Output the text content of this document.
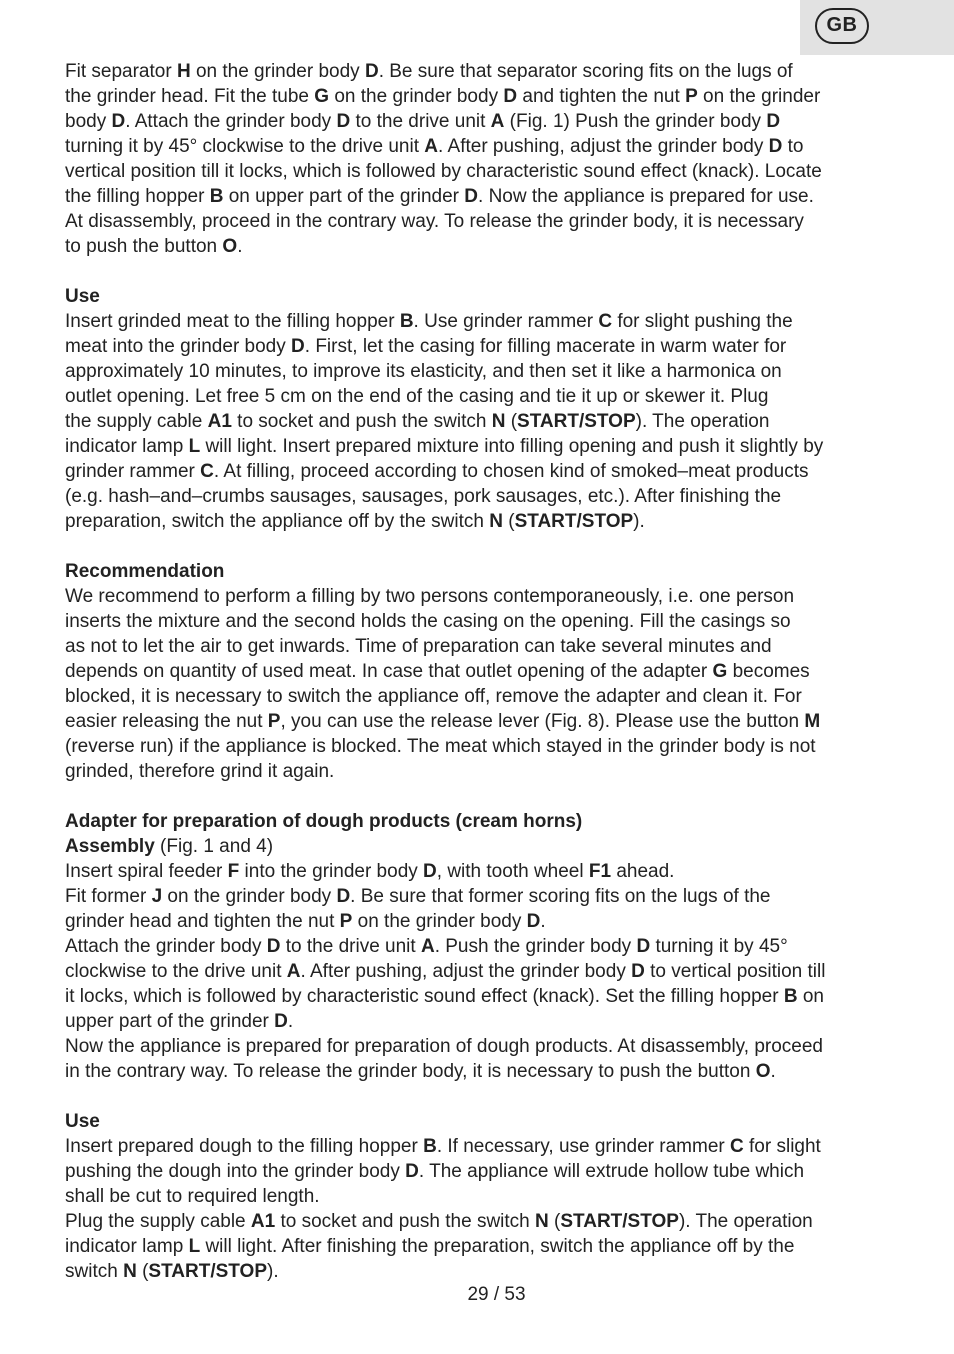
GB

Fit separator H on the grinder body D. Be sure that separator scoring fits on the lugs of

the grinder head. Fit the tube G on the grinder body D and tighten the nut P on the grinder

body D. Attach the grinder body D to the drive unit A (Fig. 1) Push the grinder body D

turning it by 45° clockwise to the drive unit A. After pushing, adjust the grinder body D to

vertical position till it locks, which is followed by characteristic sound effect (knack). Locate

the filling hopper B on upper part of the grinder D. Now the appliance is prepared for use.

At disassembly, proceed in the contrary way. To release the grinder body, it is necessary

to push the button O.

Use

Insert grinded meat to the filling hopper B. Use grinder rammer C for slight pushing the

meat into the grinder body D. First, let the casing for filling macerate in warm water for

approximately 10 minutes, to improve its elasticity, and then set it like a harmonica on

outlet opening. Let free 5 cm on the end of the casing and tie it up or skewer it. Plug

the supply cable A1 to socket and push the switch N (START/STOP). The operation

indicator lamp L will light. Insert prepared mixture into filling opening and push it slightly by

grinder rammer C. At filling, proceed according to chosen kind of smoked–meat products

(e.g. hash–and–crumbs sausages, sausages, pork sausages, etc.). After finishing the

preparation, switch the appliance off by the switch N (START/STOP).

Recommendation

We recommend to perform a filling by two persons contemporaneously, i.e. one person

inserts the mixture and the second holds the casing on the opening. Fill the casings so

as not to let the air to get inwards. Time of preparation can take several minutes and

depends on quantity of used meat. In case that outlet opening of the adapter G becomes

blocked, it is necessary to switch the appliance off, remove the adapter and clean it. For

easier releasing the nut P, you can use the release lever (Fig. 8). Please use the button M

(reverse run) if the appliance is blocked. The meat which stayed in the grinder body is not

grinded, therefore grind it again.

Adapter for preparation of dough products (cream horns)

Assembly (Fig. 1 and 4)

Insert spiral feeder F into the grinder body D, with tooth wheel F1 ahead.

Fit former J on the grinder body D. Be sure that former scoring fits on the lugs of the

grinder head and tighten the nut P on the grinder body D.

Attach the grinder body D to the drive unit A. Push the grinder body D turning it by 45°

clockwise to the drive unit A. After pushing, adjust the grinder body D to vertical position till

it locks, which is followed by characteristic sound effect (knack). Set the filling hopper B on

upper part of the grinder D.

Now the appliance is prepared for preparation of dough products. At disassembly, proceed

in the contrary way. To release the grinder body, it is necessary to push the button O.

Use

Insert prepared dough to the filling hopper B. If necessary, use grinder rammer C for slight

pushing the dough into the grinder body D. The appliance will extrude hollow tube which

shall be cut to required length.

Plug the supply cable A1 to socket and push the switch N (START/STOP). The operation

indicator lamp L will light. After finishing the preparation, switch the appliance off by the

switch N (START/STOP).

29 / 53
